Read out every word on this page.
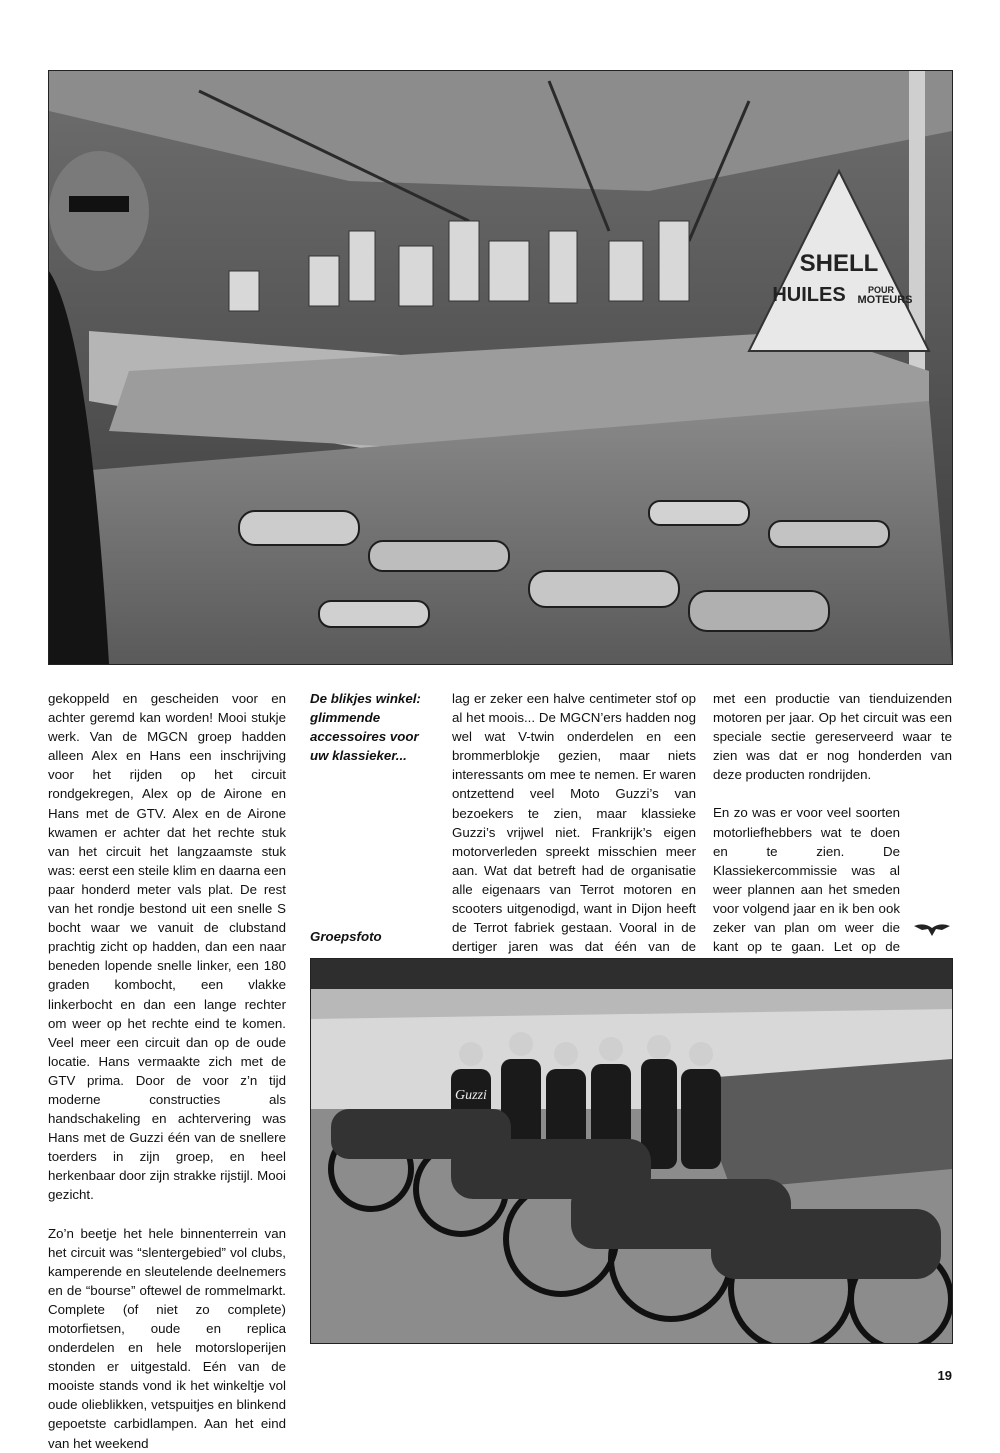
SHELL
HUILES POUR
MOTEURS

gekoppeld en gescheiden voor en achter geremd kan worden! Mooi stukje werk. Van de MGCN groep hadden alleen Alex en Hans een inschrijving voor het rijden op het circuit rondgekregen, Alex op de Airone en Hans met de GTV. Alex en de Airone kwamen er achter dat het rechte stuk van het circuit het langzaamste stuk was: eerst een steile klim en daarna een paar honderd meter vals plat. De rest van het rondje bestond uit een snelle S bocht waar we vanuit de clubstand prachtig zicht op hadden, dan een naar beneden lopende snelle linker, een 180 graden kombocht, een vlakke linkerbocht en dan een lange rechter om weer op het rechte eind te komen. Veel meer een circuit dan op de oude locatie. Hans vermaakte zich met de GTV prima. Door de voor z’n tijd moderne constructies als handschakeling en achtervering was Hans met de Guzzi één van de snellere toerders in zijn groep, en heel herkenbaar door zijn strakke rijstijl. Mooi gezicht.

Zo’n beetje het hele binnenterrein van het circuit was “slentergebied” vol clubs, kamperende en sleutelende deelnemers en de “bourse” oftewel de rommelmarkt. Complete (of niet zo complete) motorfietsen, oude en replica onderdelen en hele motorsloperijen stonden er uitgestald. Eén van de mooiste stands vond ik het winkeltje vol oude olieblikken, vetspuitjes en blinkend gepoetste carbidlampen. Aan het eind van het weekend

De blikjes winkel: glimmende accessoires voor uw klassieker...
Groepsfoto

lag er zeker een halve centimeter stof op al het moois... De MGCN’ers hadden nog wel wat V-twin onderdelen en een brommerblokje gezien, maar niets interessants om mee te nemen. Er waren ontzettend veel Moto Guzzi’s van bezoekers te zien, maar klassieke Guzzi’s vrijwel niet. Frankrijk’s eigen motorverleden spreekt misschien meer aan. Wat dat betreft had de organisatie alle eigenaars van Terrot motoren en scooters uitgenodigd, want in Dijon heeft de Terrot fabriek gestaan. Vooral in de dertiger jaren was dat één van de

met een productie van tienduizenden motoren per jaar. Op het circuit was een speciale sectie gereserveerd waar te zien was dat er nog honderden van deze producten rondrijden.

En zo was er voor veel soorten motorliefhebbers wat te doen en te zien. De Klassiekercommissie was al weer plannen aan het smeden voor volgend jaar en ik ben ook zeker van plan om weer die kant op te gaan. Let op de

Guzzi
19
